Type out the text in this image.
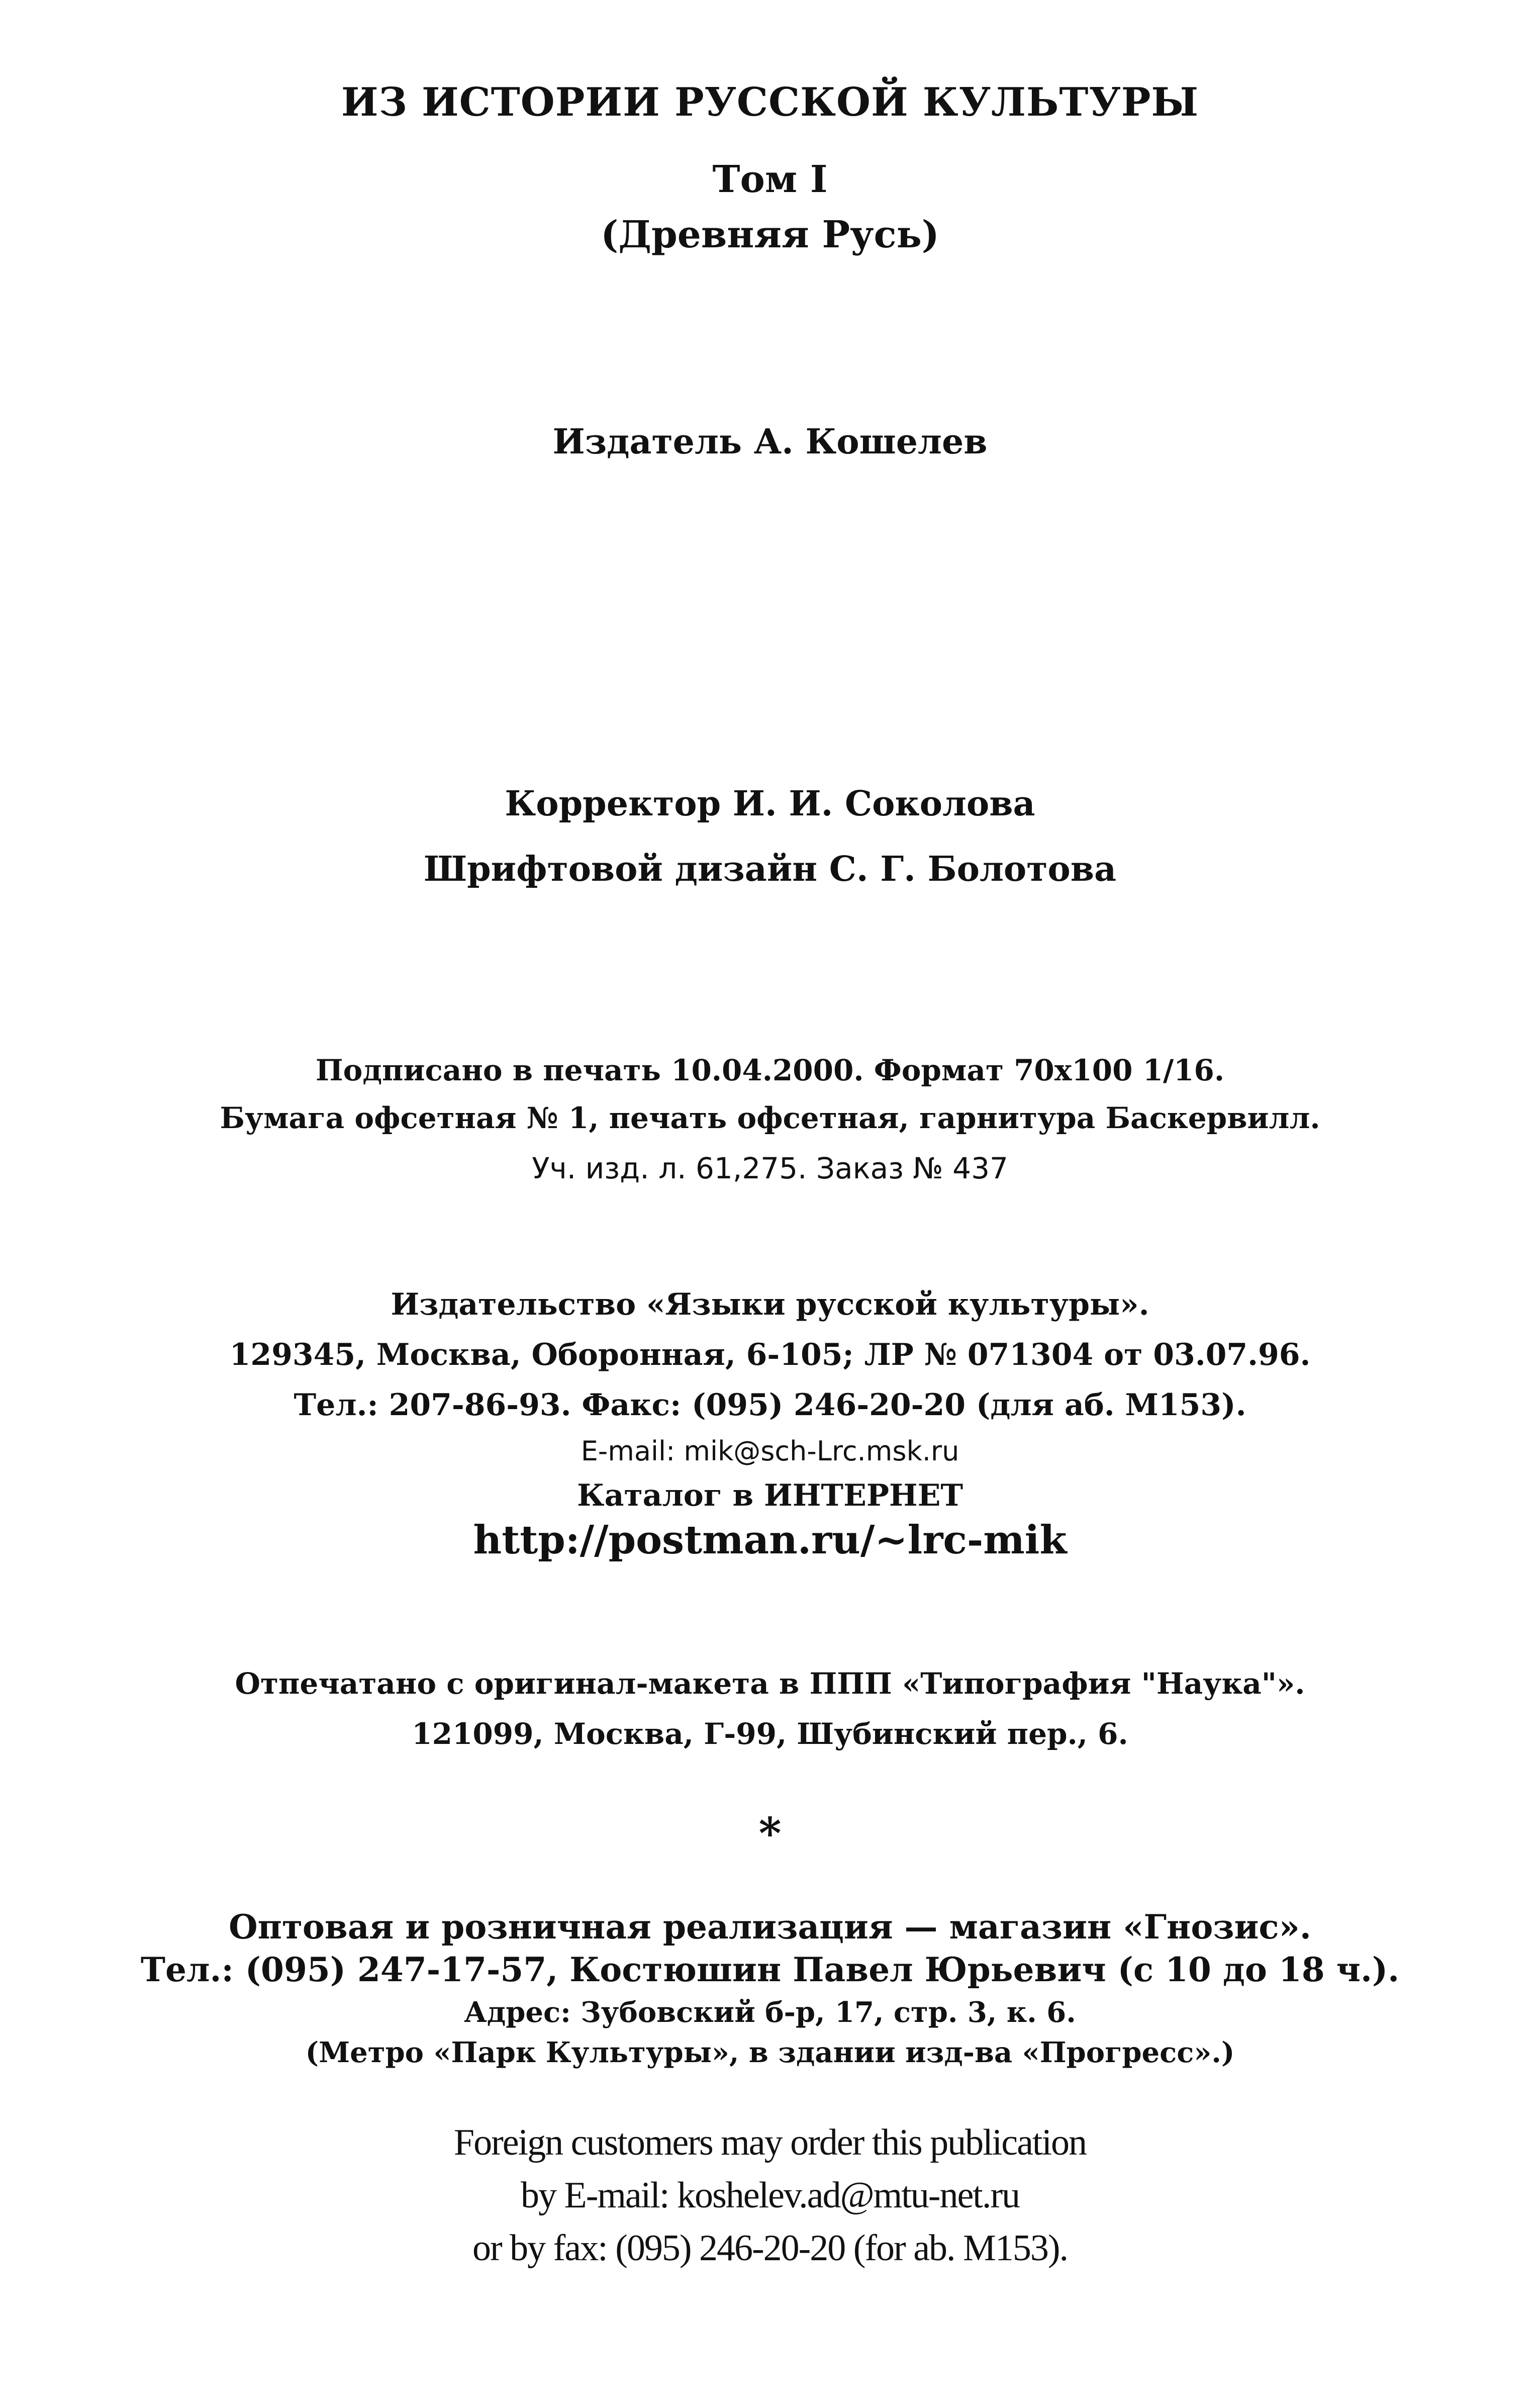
ИЗ ИСТОРИИ РУССКОЙ КУЛЬТУРЫ
Том I
(Древняя Русь)
Издатель А. Кошелев
Корректор И. И. Соколова
Шрифтовой дизайн С. Г. Болотова
Подписано в печать 10.04.2000. Формат 70x100 1/16.
Бумага офсетная № 1, печать офсетная, гарнитура Баскервилл.
Уч. изд. л. 61,275. Заказ № 437
Издательство «Языки русской культуры».
129345, Москва, Оборонная, 6-105; ЛР № 071304 от 03.07.96.
Тел.: 207-86-93. Факс: (095) 246-20-20 (для аб. М153).
E-mail: mik@sch-Lrc.msk.ru
Каталог в ИНТЕРНЕТ
http://postman.ru/~lrc-mik
Отпечатано с оригинал-макета в ППП «Типография "Наука"».
121099, Москва, Г-99, Шубинский пер., 6.
*
Оптовая и розничная реализация — магазин «Гнозис».
Тел.: (095) 247-17-57, Костюшин Павел Юрьевич (с 10 до 18 ч.).
Адрес: Зубовский б-р, 17, стр. 3, к. 6.
(Метро «Парк Культуры», в здании изд-ва «Прогресс».)
Foreign customers may order this publication
by E-mail: koshelev.ad@mtu-net.ru
or by fax: (095) 246-20-20 (for ab. M153).
